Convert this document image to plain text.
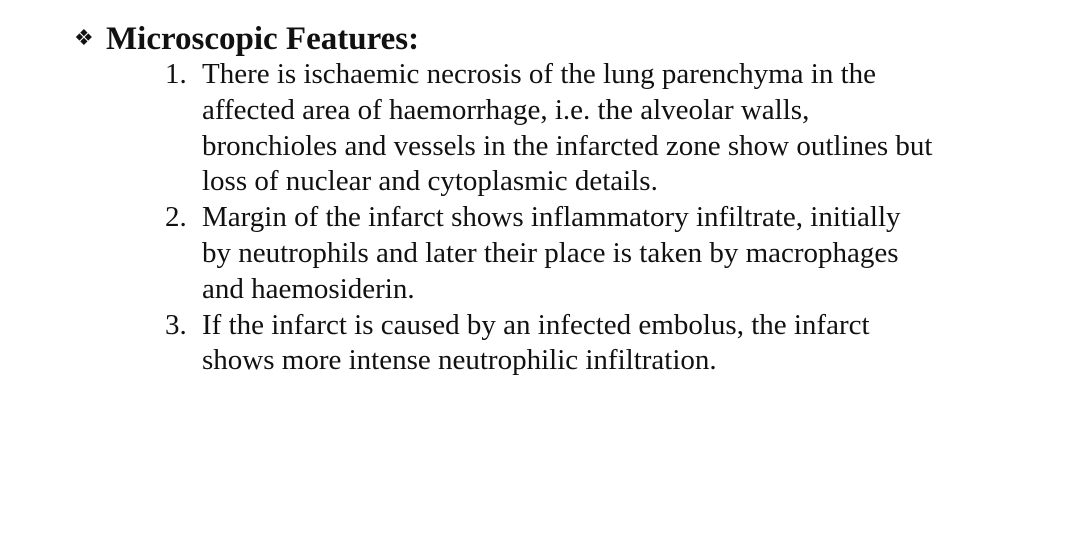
❖ Microscopic Features:
1. There is ischaemic necrosis of the lung parenchyma in the
affected area of haemorrhage, i.e. the alveolar walls,
bronchioles and vessels in the infarcted zone show outlines but
loss of nuclear and cytoplasmic details.
2. Margin of the infarct shows inflammatory infiltrate, initially
by neutrophils and later their place is taken by macrophages
and haemosiderin.
3. If the infarct is caused by an infected embolus, the infarct
shows more intense neutrophilic infiltration.
